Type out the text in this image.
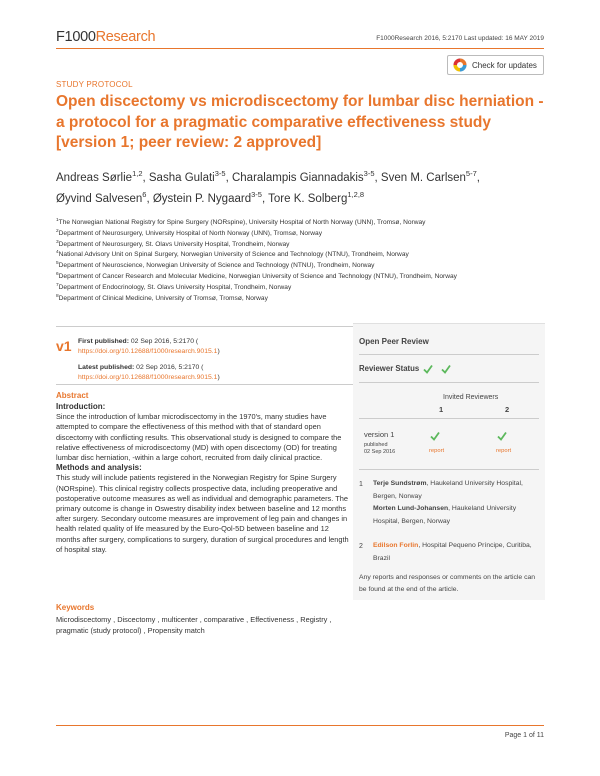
F1000Research	F1000Research 2016, 5:2170 Last updated: 16 MAY 2019
Check for updates
STUDY PROTOCOL
Open discectomy vs microdiscectomy for lumbar disc herniation - a protocol for a pragmatic comparative effectiveness study [version 1; peer review: 2 approved]
Andreas Sørlie$^{1,2}$, Sasha Gulati$^{3-5}$, Charalampis Giannadakis$^{3-5}$, Sven M. Carlsen$^{5-7}$,
Øyvind Salvesen$^6$, Øystein P. Nygaard$^{3-5}$, Tore K. Solberg$^{1,2,8}$
$^1$The Norwegian National Registry for Spine Surgery (NORspine), University Hospital of North Norway (UNN), Tromsø, Norway
$^2$Department of Neurosurgery, University Hospital of North Norway (UNN), Tromsø, Norway
$^3$Department of Neurosurgery, St. Olavs University Hospital, Trondheim, Norway
$^4$National Advisory Unit on Spinal Surgery, Norwegian University of Science and Technology (NTNU), Trondheim, Norway
$^5$Department of Neuroscience, Norwegian University of Science and Technology (NTNU), Trondheim, Norway
$^6$Department of Cancer Research and Molecular Medicine, Norwegian University of Science and Technology (NTNU), Trondheim, Norway
$^7$Department of Endocrinology, St. Olavs University Hospital, Trondheim, Norway
$^8$Department of Clinical Medicine, University of Tromsø, Tromsø, Norway
v1 First published: 02 Sep 2016, 5:2170 (
https://doi.org/10.12688/f1000research.9015.1)
Latest published: 02 Sep 2016, 5:2170 (
https://doi.org/10.12688/f1000research.9015.1)
Abstract
Introduction:
Since the introduction of lumbar microdiscectomy in the 1970's, many studies have attempted to compare the effectiveness of this method with that of standard open discectomy with conflicting results. This observational study is designed to compare the relative effectiveness of microdiscectomy (MD) with open discectomy (OD) for treating lumbar disc herniation, -within a large cohort, recruited from daily clinical practice.
Methods and analysis:
This study will include patients registered in the Norwegian Registry for Spine Surgery (NORspine). This clinical registry collects prospective data, including preoperative and postoperative outcome measures as well as individual and demographic parameters. The primary outcome is change in Oswestry disability index between baseline and 12 months after surgery. Secondary outcome measures are improvement of leg pain and changes in health related quality of life measured by the Euro-Qol-5D between baseline and 12 months after surgery, complications to surgery, duration of surgical procedures and length of hospital stay.
Keywords
Microdiscectomy , Discectomy , multicenter , comparative , Effectiveness , Registry , pragmatic (study protocol) , Propensity match
Open Peer Review
Reviewer Status

Invited Reviewers
1	2
version 1
published
02 Sep 2016	report	report
1 Terje Sundstrøm, Haukeland University Hospital, Bergen, Norway
Morten Lund-Johansen, Haukeland University Hospital, Bergen, Norway
2 Edilson Forlin, Hospital Pequeno Príncipe, Curitiba, Brazil
Any reports and responses or comments on the article can be found at the end of the article.
Page 1 of 11
